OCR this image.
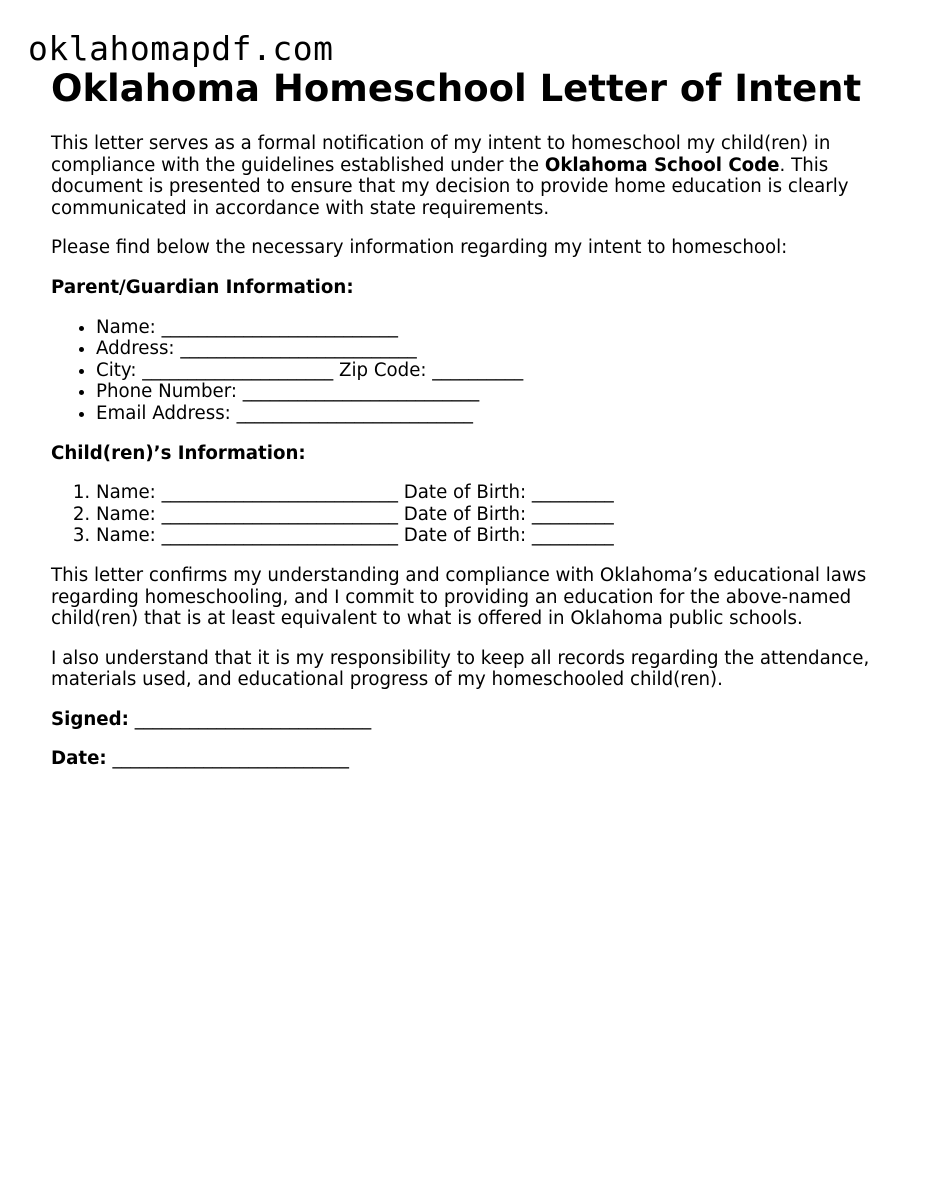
oklahomapdf.com
Oklahoma Homeschool Letter of Intent

This letter serves as a formal notification of my intent to homeschool my child(ren) in compliance with the guidelines established under the Oklahoma School Code. This document is presented to ensure that my decision to provide home education is clearly communicated in accordance with state requirements.

Please find below the necessary information regarding my intent to homeschool:

Parent/Guardian Information:
• Name: __________________________
• Address: __________________________
• City: _____________________ Zip Code: __________
• Phone Number: __________________________
• Email Address: __________________________
Child(ren)’s Information:
1. Name: __________________________ Date of Birth: _________
2. Name: __________________________ Date of Birth: _________
3. Name: __________________________ Date of Birth: _________

This letter confirms my understanding and compliance with Oklahoma’s educational laws regarding homeschooling, and I commit to providing an education for the above-named child(ren) that is at least equivalent to what is offered in Oklahoma public schools.

I also understand that it is my responsibility to keep all records regarding the attendance, materials used, and educational progress of my homeschooled child(ren).

Signed: __________________________
Date: __________________________
